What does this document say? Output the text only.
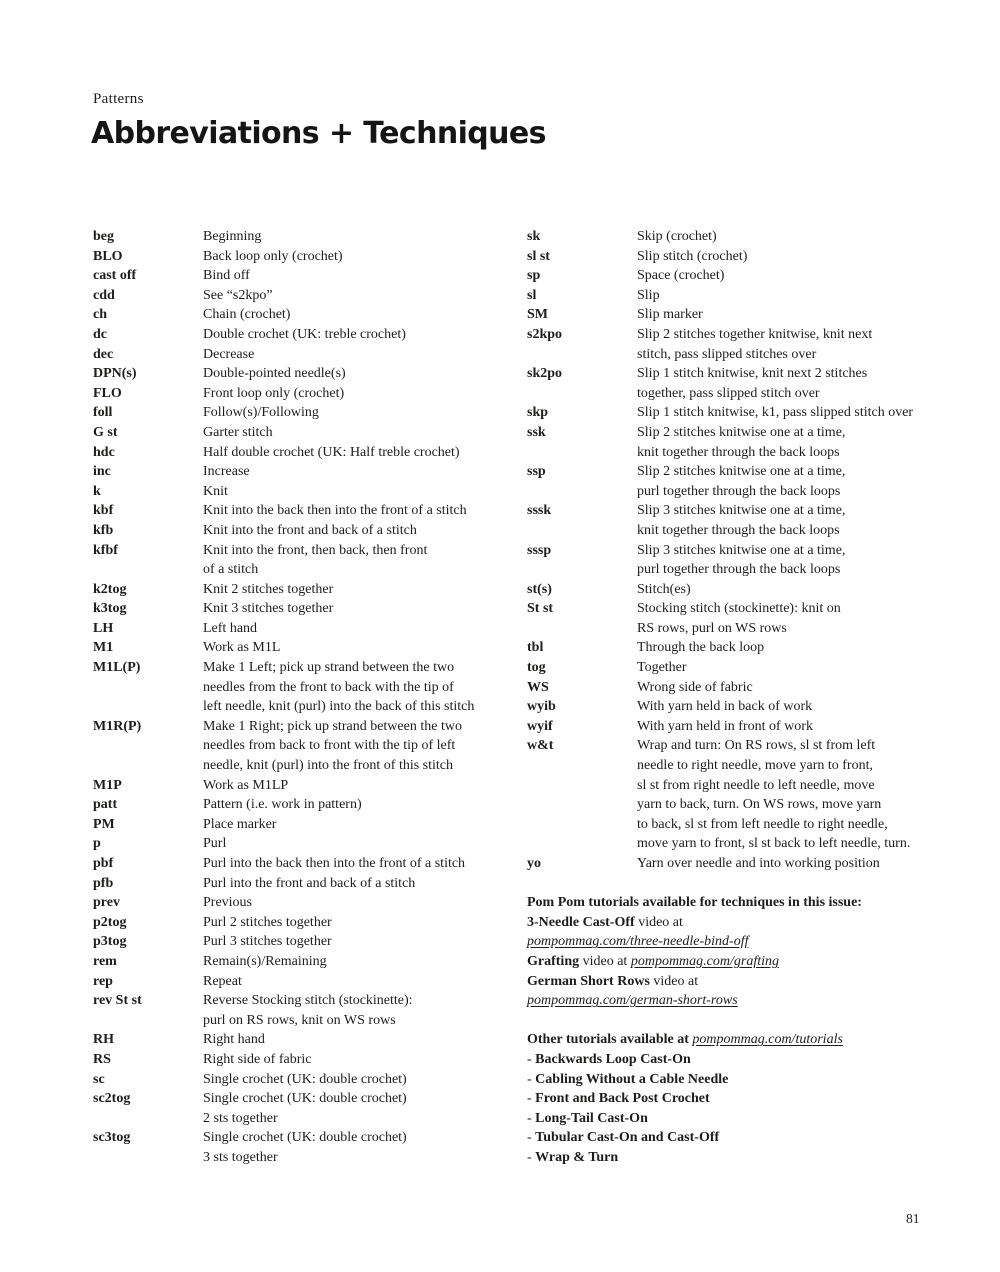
Patterns
Abbreviations + Techniques
beg	Beginning
BLO	Back loop only (crochet)
cast off	Bind off
cdd	See “s2kpo”
ch	Chain (crochet)
dc	Double crochet (UK: treble crochet)
dec	Decrease
DPN(s)	Double-pointed needle(s)
FLO	Front loop only (crochet)
foll	Follow(s)/Following
G st	Garter stitch
hdc	Half double crochet (UK: Half treble crochet)
inc	Increase
k	Knit
kbf	Knit into the back then into the front of a stitch
kfb	Knit into the front and back of a stitch
kfbf	Knit into the front, then back, then front
of a stitch
k2tog	Knit 2 stitches together
k3tog	Knit 3 stitches together
LH	Left hand
M1	Work as M1L
M1L(P)	Make 1 Left; pick up strand between the two
needles from the front to back with the tip of
left needle, knit (purl) into the back of this stitch
M1R(P)	Make 1 Right; pick up strand between the two
needles from back to front with the tip of left
needle, knit (purl) into the front of this stitch
M1P	Work as M1LP
patt	Pattern (i.e. work in pattern)
PM	Place marker
p	Purl
pbf	Purl into the back then into the front of a stitch
pfb	Purl into the front and back of a stitch
prev	Previous
p2tog	Purl 2 stitches together
p3tog	Purl 3 stitches together
rem	Remain(s)/Remaining
rep	Repeat
rev St st	Reverse Stocking stitch (stockinette):
purl on RS rows, knit on WS rows
RH	Right hand
RS	Right side of fabric
sc	Single crochet (UK: double crochet)
sc2tog	Single crochet (UK: double crochet)
2 sts together
sc3tog	Single crochet (UK: double crochet)
3 sts together
sk	Skip (crochet)
sl st	Slip stitch (crochet)
sp	Space (crochet)
sl	Slip
SM	Slip marker
s2kpo	Slip 2 stitches together knitwise, knit next
stitch, pass slipped stitches over
sk2po	Slip 1 stitch knitwise, knit next 2 stitches
together, pass slipped stitch over
skp	Slip 1 stitch knitwise, k1, pass slipped stitch over
ssk	Slip 2 stitches knitwise one at a time,
knit together through the back loops
ssp	Slip 2 stitches knitwise one at a time,
purl together through the back loops
sssk	Slip 3 stitches knitwise one at a time,
knit together through the back loops
sssp	Slip 3 stitches knitwise one at a time,
purl together through the back loops
st(s)	Stitch(es)
St st	Stocking stitch (stockinette): knit on
RS rows, purl on WS rows
tbl	Through the back loop
tog	Together
WS	Wrong side of fabric
wyib	With yarn held in back of work
wyif	With yarn held in front of work
w&t	Wrap and turn: On RS rows, sl st from left
needle to right needle, move yarn to front,
sl st from right needle to left needle, move
yarn to back, turn. On WS rows, move yarn
to back, sl st from left needle to right needle,
move yarn to front, sl st back to left needle, turn.
yo	Yarn over needle and into working position
Pom Pom tutorials available for techniques in this issue:
3-Needle Cast-Off video at
pompommag.com/three-needle-bind-off
Grafting video at pompommag.com/grafting
German Short Rows video at
pompommag.com/german-short-rows
Other tutorials available at pompommag.com/tutorials
- Backwards Loop Cast-On
- Cabling Without a Cable Needle
- Front and Back Post Crochet
- Long-Tail Cast-On
- Tubular Cast-On and Cast-Off
- Wrap & Turn
81
